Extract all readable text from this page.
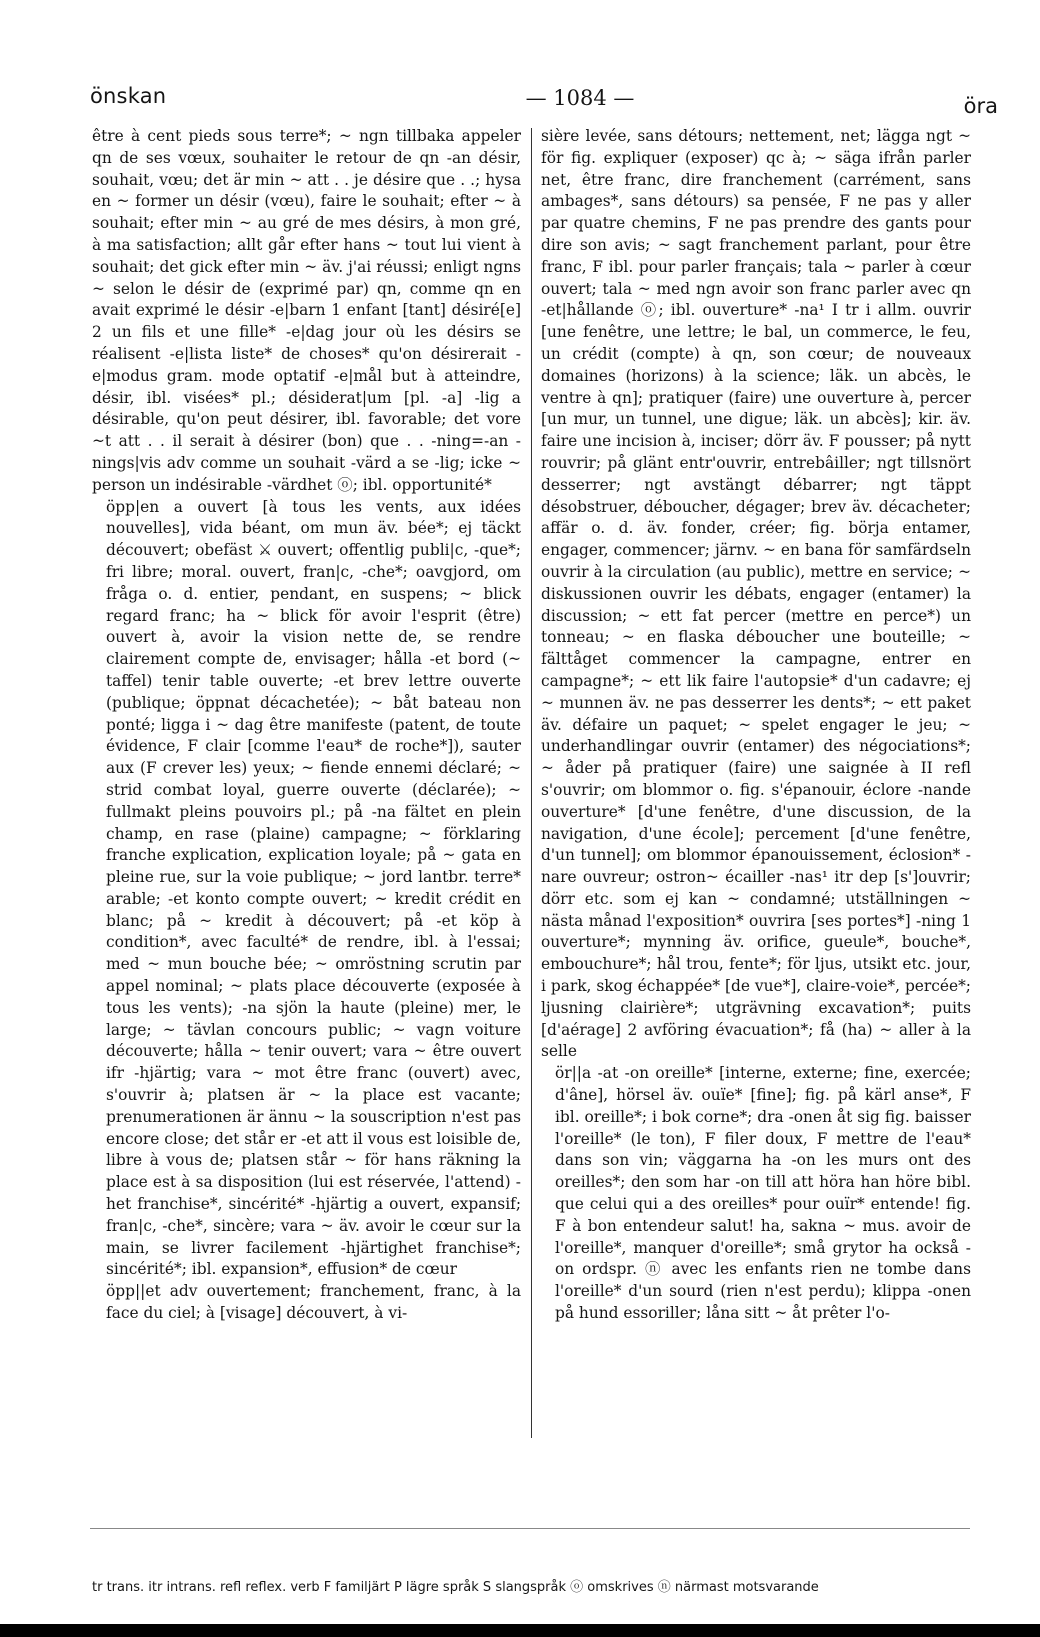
önskan	— 1084 —	öra

être à cent pieds sous terre*; ~ ngn tillbaka appeler qn de ses vœux, souhaiter le retour de qn -an désir, souhait, vœu; det är min ~ att . . je désire que . .; hysa en ~ former un désir (vœu), faire le souhait; efter ~ à souhait; efter min ~ au gré de mes désirs, à mon gré, à ma satisfaction; allt går efter hans ~ tout lui vient à souhait; det gick efter min ~ äv. j'ai réussi; enligt ngns ~ selon le désir de (exprimé par) qn, comme qn en avait exprimé le désir -e|barn 1 enfant [tant] désiré[e] 2 un fils et une fille* -e|dag jour où les désirs se réalisent -e|lista liste* de choses* qu'on désirerait -e|modus gram. mode optatif -e|mål but à atteindre, désir, ibl. visées* pl.; désiderat|um [pl. -a] -lig a désirable, qu'on peut désirer, ibl. favorable; det vore ~t att . . il serait à désirer (bon) que . . -ning=-an -nings|vis adv comme un souhait -värd a se -lig; icke ~ person un indésirable -värdhet ⓞ; ibl. opportunité*

öpp|en a ouvert [à tous les vents, aux idées nouvelles], vida béant, om mun äv. bée*; ej täckt découvert; obefäst ⚔ ouvert; offentlig publi|c, -que*; fri libre; moral. ouvert, fran|c, -che*; oavgjord, om fråga o. d. entier, pendant, en suspens; ~ blick regard franc; ha ~ blick för avoir l'esprit (être) ouvert à, avoir la vision nette de, se rendre clairement compte de, envisager; hålla -et bord (~ taffel) tenir table ouverte; -et brev lettre ouverte (publique; öppnat décachetée); ~ båt bateau non ponté; ligga i ~ dag être manifeste (patent, de toute évidence, F clair [comme l'eau* de roche*]), sauter aux (F crever les) yeux; ~ fiende ennemi déclaré; ~ strid combat loyal, guerre ouverte (déclarée); ~ fullmakt pleins pouvoirs pl.; på -na fältet en plein champ, en rase (plaine) campagne; ~ förklaring franche explication, explication loyale; på ~ gata en pleine rue, sur la voie publique; ~ jord lantbr. terre* arable; -et konto compte ouvert; ~ kredit crédit en blanc; på ~ kredit à découvert; på -et köp à condition*, avec faculté* de rendre, ibl. à l'essai; med ~ mun bouche bée; ~ omröstning scrutin par appel nominal; ~ plats place découverte (exposée à tous les vents); -na sjön la haute (pleine) mer, le large; ~ tävlan concours public; ~ vagn voiture découverte; hålla ~ tenir ouvert; vara ~ être ouvert ifr -hjärtig; vara ~ mot être franc (ouvert) avec, s'ouvrir à; platsen är ~ la place est vacante; prenumerationen är ännu ~ la souscription n'est pas encore close; det står er -et att il vous est loisible de, libre à vous de; platsen står ~ för hans räkning la place est à sa disposition (lui est réservée, l'attend) -het franchise*, sincérité* -hjärtig a ouvert, expansif; fran|c, -che*, sincère; vara ~ äv. avoir le cœur sur la main, se livrer facilement -hjärtighet franchise*; sincérité*; ibl. expansion*, effusion* de cœur

öpp||et adv ouvertement; franchement, franc, à la face du ciel; à [visage] découvert, à vi-

sière levée, sans détours; nettement, net; lägga ngt ~ för fig. expliquer (exposer) qc à; ~ säga ifrån parler net, être franc, dire franchement (carrément, sans ambages*, sans détours) sa pensée, F ne pas y aller par quatre chemins, F ne pas prendre des gants pour dire son avis; ~ sagt franchement parlant, pour être franc, F ibl. pour parler français; tala ~ parler à cœur ouvert; tala ~ med ngn avoir son franc parler avec qn -et|hållande ⓞ; ibl. ouverture* -na¹ I tr i allm. ouvrir [une fenêtre, une lettre; le bal, un commerce, le feu, un crédit (compte) à qn, son cœur; de nouveaux domaines (horizons) à la science; läk. un abcès, le ventre à qn]; pratiquer (faire) une ouverture à, percer [un mur, un tunnel, une digue; läk. un abcès]; kir. äv. faire une incision à, inciser; dörr äv. F pousser; på nytt rouvrir; på glänt entr'ouvrir, entrebâiller; ngt tillsnört desserrer; ngt avstängt débarrer; ngt täppt désobstruer, déboucher, dégager; brev äv. décacheter; affär o. d. äv. fonder, créer; fig. börja entamer, engager, commencer; järnv. ~ en bana för samfärdseln ouvrir à la circulation (au public), mettre en service; ~ diskussionen ouvrir les débats, engager (entamer) la discussion; ~ ett fat percer (mettre en perce*) un tonneau; ~ en flaska déboucher une bouteille; ~ fälttåget commencer la campagne, entrer en campagne*; ~ ett lik faire l'autopsie* d'un cadavre; ej ~ munnen äv. ne pas desserrer les dents*; ~ ett paket äv. défaire un paquet; ~ spelet engager le jeu; ~ underhandlingar ouvrir (entamer) des négociations*; ~ åder på pratiquer (faire) une saignée à II refl s'ouvrir; om blommor o. fig. s'épanouir, éclore -nande ouverture* [d'une fenêtre, d'une discussion, de la navigation, d'une école]; percement [d'une fenêtre, d'un tunnel]; om blommor épanouissement, éclosion* -nare ouvreur; ostron~ écailler -nas¹ itr dep [s']ouvrir; dörr etc. som ej kan ~ condamné; utställningen ~ nästa månad l'exposition* ouvrira [ses portes*] -ning 1 ouverture*; mynning äv. orifice, gueule*, bouche*, embouchure*; hål trou, fente*; för ljus, utsikt etc. jour, i park, skog échappée* [de vue*], claire-voie*, percée*; ljusning clairière*; utgrävning excavation*; puits [d'aérage] 2 avföring évacuation*; få (ha) ~ aller à la selle

ör||a -at -on oreille* [interne, externe; fine, exercée; d'âne], hörsel äv. ouïe* [fine]; fig. på kärl anse*, F ibl. oreille*; i bok corne*; dra -onen åt sig fig. baisser l'oreille* (le ton), F filer doux, F mettre de l'eau* dans son vin; väggarna ha -on les murs ont des oreilles*; den som har -on till att höra han höre bibl. que celui qui a des oreilles* pour ouïr* entende! fig. F à bon entendeur salut! ha, sakna ~ mus. avoir de l'oreille*, manquer d'oreille*; små grytor ha också -on ordspr. ⓝ avec les enfants rien ne tombe dans l'oreille* d'un sourd (rien n'est perdu); klippa -onen på hund essoriller; låna sitt ~ åt prêter l'o-

tr trans. itr intrans. refl reflex. verb F familjärt P lägre språk S slangspråk ⓞ omskrives ⓝ närmast motsvarande
